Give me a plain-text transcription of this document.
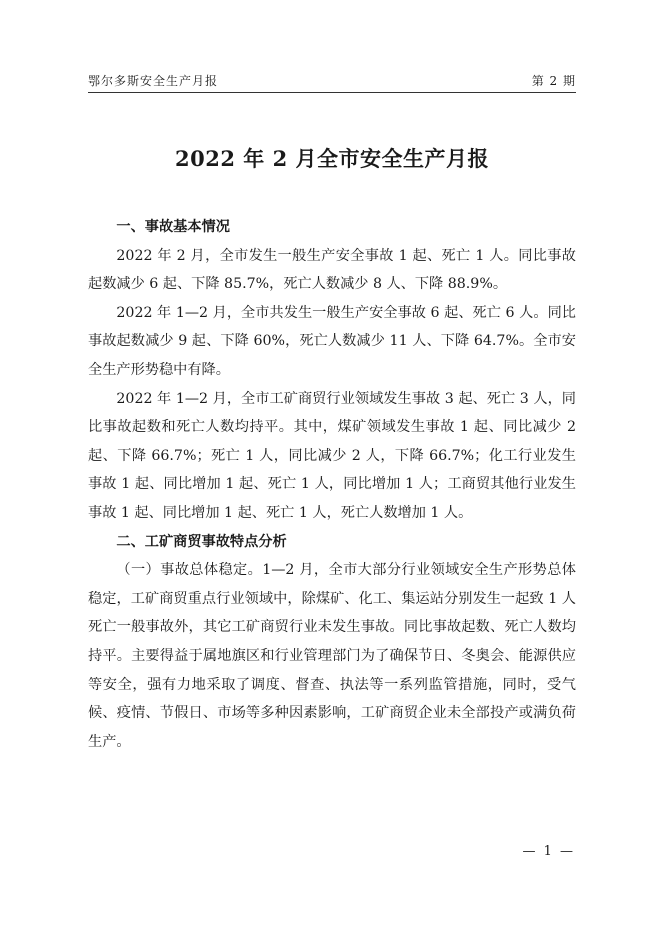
鄂尔多斯安全生产月报	第 2 期
2022 年 2 月全市安全生产月报
一、事故基本情况

2022 年 2 月，全市发生一般生产安全事故 1 起、死亡 1 人。同比事故起数减少 6 起、下降 85.7%，死亡人数减少 8 人、下降 88.9%。

2022 年 1—2 月，全市共发生一般生产安全事故 6 起、死亡 6 人。同比事故起数减少 9 起、下降 60%，死亡人数减少 11 人、下降 64.7%。全市安全生产形势稳中有降。

2022 年 1—2 月，全市工矿商贸行业领域发生事故 3 起、死亡 3 人，同比事故起数和死亡人数均持平。其中，煤矿领域发生事故 1 起、同比减少 2 起、下降 66.7%；死亡 1 人，同比减少 2 人，下降 66.7%；化工行业发生事故 1 起、同比增加 1 起、死亡 1 人，同比增加 1 人；工商贸其他行业发生事故 1 起、同比增加 1 起、死亡 1 人，死亡人数增加 1 人。

二、工矿商贸事故特点分析

（一）事故总体稳定。1—2 月，全市大部分行业领域安全生产形势总体稳定，工矿商贸重点行业领域中，除煤矿、化工、集运站分别发生一起致 1 人死亡一般事故外，其它工矿商贸行业未发生事故。同比事故起数、死亡人数均持平。主要得益于属地旗区和行业管理部门为了确保节日、冬奥会、能源供应等安全，强有力地采取了调度、督查、执法等一系列监管措施，同时，受气候、疫情、节假日、市场等多种因素影响，工矿商贸企业未全部投产或满负荷生产。

— 1 —
